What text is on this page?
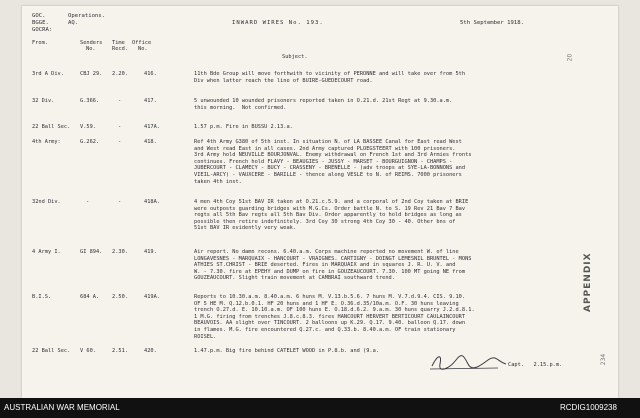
GOC.
BGGE.
GOCRA:
Operations.
AQ.	INWARD WIRES No. 193.	5th September 1918.
20
From.	Senders
No.
Time
Recd.
Office
No.
Subject.
3rd A Div.	CBJ 29. 2.20.	416.	11th Bde Group will move forthwith to vicinity of PERONNE and will take over from 5th
Div when latter reach the line of BUIRE-GUEDECOURT road.
32 Div.	G.366.	-	417.	5 unwounded 10 wounded prisoners reported taken in O.21.d. 21st Regt at 9.30.a.m.
this morning.  Not confirmed.
22 Ball Sec. V.59.	-	417A.	1.57 p.m. Fire in BUSSU 2.13.a.
4th Army:	G.262.	-	418.	Ref 4th Army G380 of 5th inst. In situation N. of LA BASSEE Canal for East read West
and West read East in all cases. 2nd Army captured PLOEGSTEERT with 100 prisoners.
3rd Army hold NEUVILLE BOURJONVAL. Enemy withdrawal on French 1st and 3rd Armies fronts
continues. French hold FLAVY - BEAUGIES - JUSSY - MARSET - BOURGUIGNON - CHAMPS -
JUBERCOURT - CLAMECY - BUCY - CRASSENY - BRENELLE - (adv troops at SYE-LA-BONNONS and
VIEIL-ARCY) - VAUXCERE - BARILLE - thence along VESLE to N. of REIMS. 7000 prisoners
taken 4th inst.
32nd Div.	-	-	418A.	4 men 4th Coy 51st BAV IR taken at O.21.c.5.9. and a corporal of 2nd Coy taken at BRIE
were outposts guarding bridges with M.G.Cs. Order battle N. to S. 19 Rev 21 Bav 7 Bav
regts all 5th Bav regts all 5th Bav Div. Order apparently to hold bridges as long as
possible then retire indefinitely. 3rd Coy 30 strong 4th Coy 30 - 40. Other bns of
51st BAV IR evidently very weak.
4 Army I.	GI 894. 2.30.	419.	Air report. No damn recons. 6.40.a.m. Corps machine reported no movement W. of line
LONGAVESNES - MARQUAIX - HANCOURT - VRAIGNES. CARTIGNY - DOINGT LEMESNIL BRUNTEL - MONS
ATHIES ST.CHRIST - BRIE deserted. Fires in MARQUAIX and in squares J. R. U. V. and
W. - 7.30. fire at EPEHY and DUMP on fire in GOUZEAUCOURT. 7.30. 100 MT going NE from
GOUZEAUCOURT. Slight train movement at CAMBRAI southward trend.
B.I.S.	684 A. 2.50.	419A.	Reports to 10.30.a.m. 8.40.a.m. 6 huns M. V.13.b.5.6. 7 huns M. V.7.d.9.4. CIS. 9.10.
OF 5 HE M. Q.12.b.0.1. HF 20 huns and 1 HF E. O.36.d.35/10a.m. O.F. 30 huns leaving
trench O.27.d. E. 10.10.a.m. OF 100 huns E. O.18.d.6.2. 9.a.m. 30 huns quarry J.2.d.8.1.
1 M.G. firing from trenches J.8.c.8.3. fires HANCOURT HERVERT BERTICOURT CAULAINCOURT
BEAUVOIS. AA slight over TINCOURT. 2 balloons up K.29. Q.17. 9.40. balloon Q.17. down
in flames. M.G. fire encountered Q.27.c. and Q.33.b. 8.40.a.m. OF train stationary
ROISEL.
22 Ball Sec. V 60.	2.51.	420.	1.47.p.m. Big fire behind CATELET WOOD in P.8.b. and (9.a.
Capt.   2.15.p.m.
APPENDIX
234
AUSTRALIAN WAR MEMORIAL	RCDIG1009238
